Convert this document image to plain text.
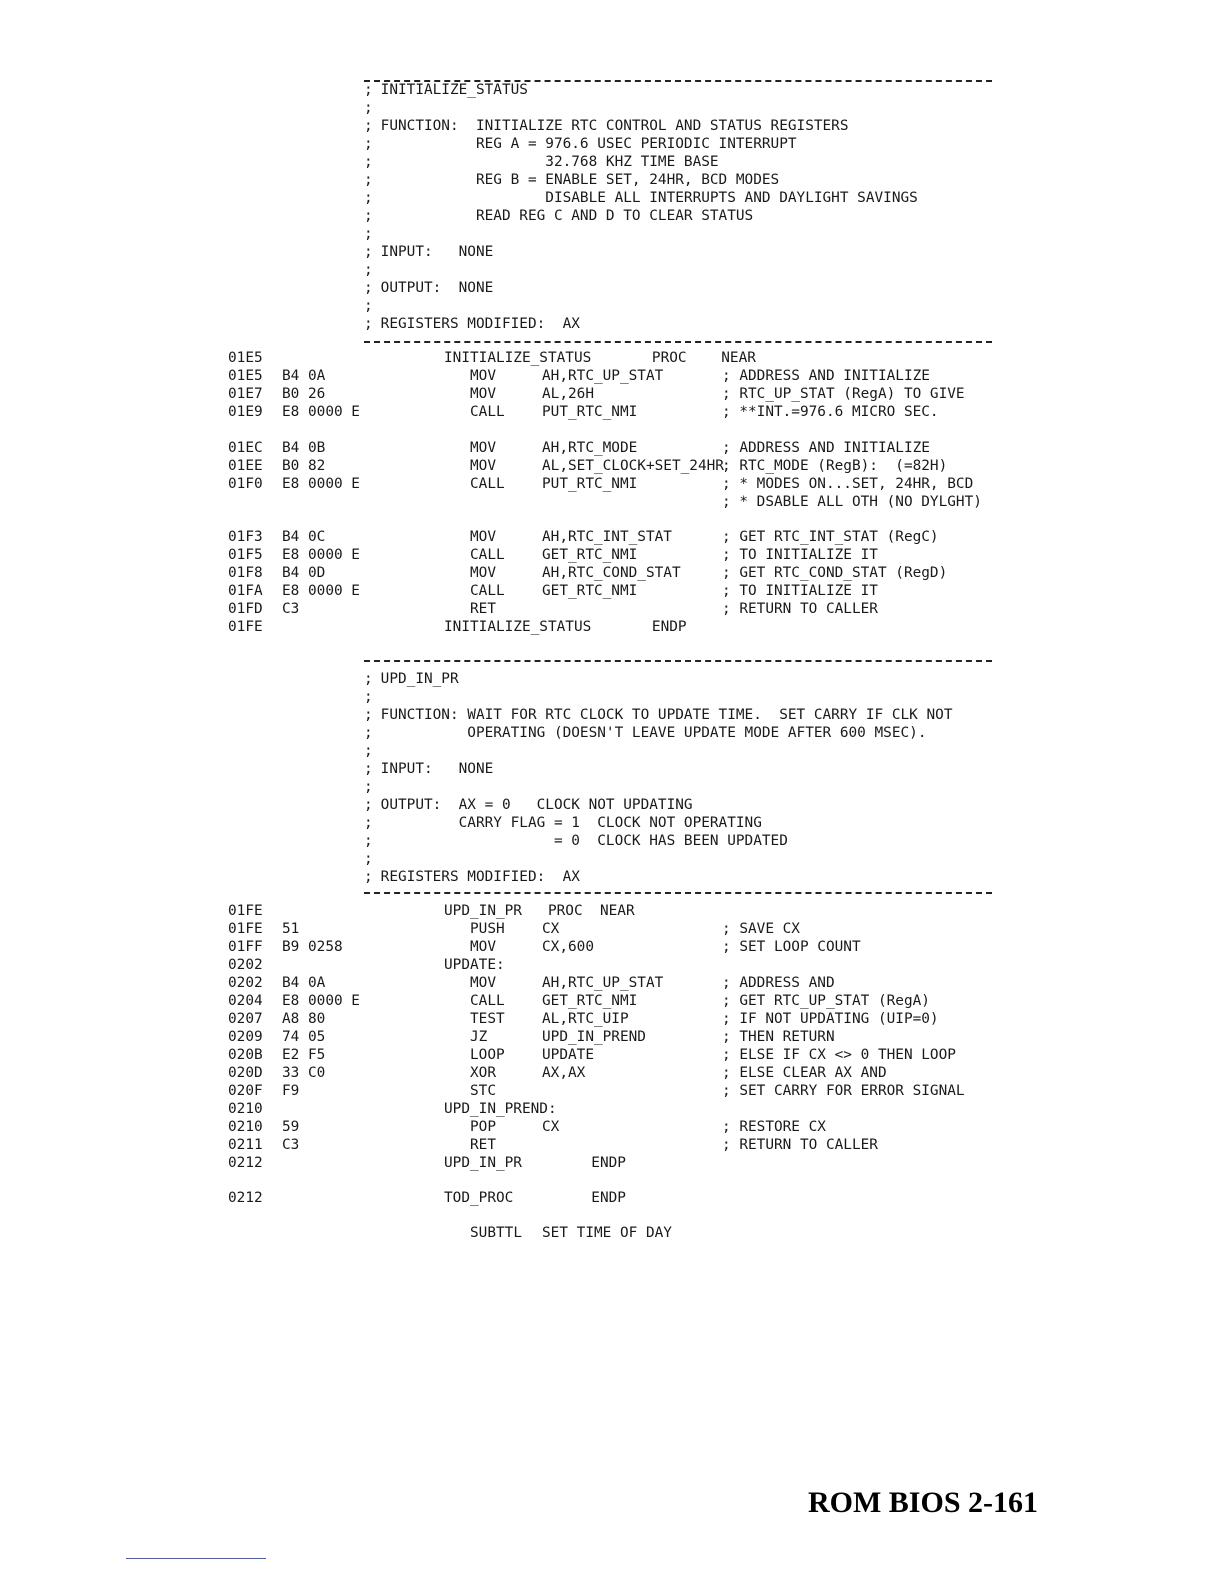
; INITIALIZE_STATUS
;
; FUNCTION:  INITIALIZE RTC CONTROL AND STATUS REGISTERS
; REG A = 976.6 USEC PERIODIC INTERRUPT
; 32.768 KHZ TIME BASE
; REG B = ENABLE SET, 24HR, BCD MODES
; DISABLE ALL INTERRUPTS AND DAYLIGHT SAVINGS
; READ REG C AND D TO CLEAR STATUS
;
; INPUT:   NONE
;
; OUTPUT:  NONE
;
; REGISTERS MODIFIED:  AX
01E5	INITIALIZE_STATUS       PROC    NEAR
01E5 B4 0A	MOV	AH,RTC_UP_STAT	; ADDRESS AND INITIALIZE
01E7 B0 26	MOV	AL,26H	; RTC_UP_STAT (RegA) TO GIVE
01E9 E8 0000 E	CALL	PUT_RTC_NMI	; **INT.=976.6 MICRO SEC.
01EC B4 0B	MOV	AH,RTC_MODE	; ADDRESS AND INITIALIZE
01EE B0 82	MOV	AL,SET_CLOCK+SET_24HR
; RTC_MODE (RegB):  (=82H)
01F0 E8 0000 E	CALL	PUT_RTC_NMI	; * MODES ON...SET, 24HR, BCD
; * DSABLE ALL OTH (NO DYLGHT)
01F3 B4 0C	MOV	AH,RTC_INT_STAT	; GET RTC_INT_STAT (RegC)
01F5 E8 0000 E	CALL	GET_RTC_NMI	; TO INITIALIZE IT
01F8 B4 0D	MOV	AH,RTC_COND_STAT	; GET RTC_COND_STAT (RegD)
01FA E8 0000 E	CALL	GET_RTC_NMI	; TO INITIALIZE IT
01FD C3	RET	; RETURN TO CALLER
01FE	INITIALIZE_STATUS       ENDP
; UPD_IN_PR
;
; FUNCTION: WAIT FOR RTC CLOCK TO UPDATE TIME.  SET CARRY IF CLK NOT
; OPERATING (DOESN'T LEAVE UPDATE MODE AFTER 600 MSEC).
;
; INPUT:   NONE
;
; OUTPUT:  AX = 0   CLOCK NOT UPDATING
; CARRY FLAG = 1  CLOCK NOT OPERATING
; = 0  CLOCK HAS BEEN UPDATED
;
; REGISTERS MODIFIED:  AX
01FE	UPD_IN_PR   PROC  NEAR
01FE 51	PUSH	CX	; SAVE CX
01FF B9 0258	MOV	CX,600	; SET LOOP COUNT
0202	UPDATE:
0202 B4 0A	MOV	AH,RTC_UP_STAT	; ADDRESS AND
0204 E8 0000 E	CALL	GET_RTC_NMI	; GET RTC_UP_STAT (RegA)
0207 A8 80	TEST	AL,RTC_UIP	; IF NOT UPDATING (UIP=0)
0209 74 05	JZ	UPD_IN_PREND	; THEN RETURN
020B E2 F5	LOOP	UPDATE	; ELSE IF CX <> 0 THEN LOOP
020D 33 C0	XOR	AX,AX	; ELSE CLEAR AX AND
020F F9	STC	; SET CARRY FOR ERROR SIGNAL
0210	UPD_IN_PREND:
0210 59	POP	CX	; RESTORE CX
0211 C3	RET	; RETURN TO CALLER
0212	UPD_IN_PR        ENDP
0212	TOD_PROC         ENDP
SUBTTL SET TIME OF DAY
ROM BIOS 2-161
